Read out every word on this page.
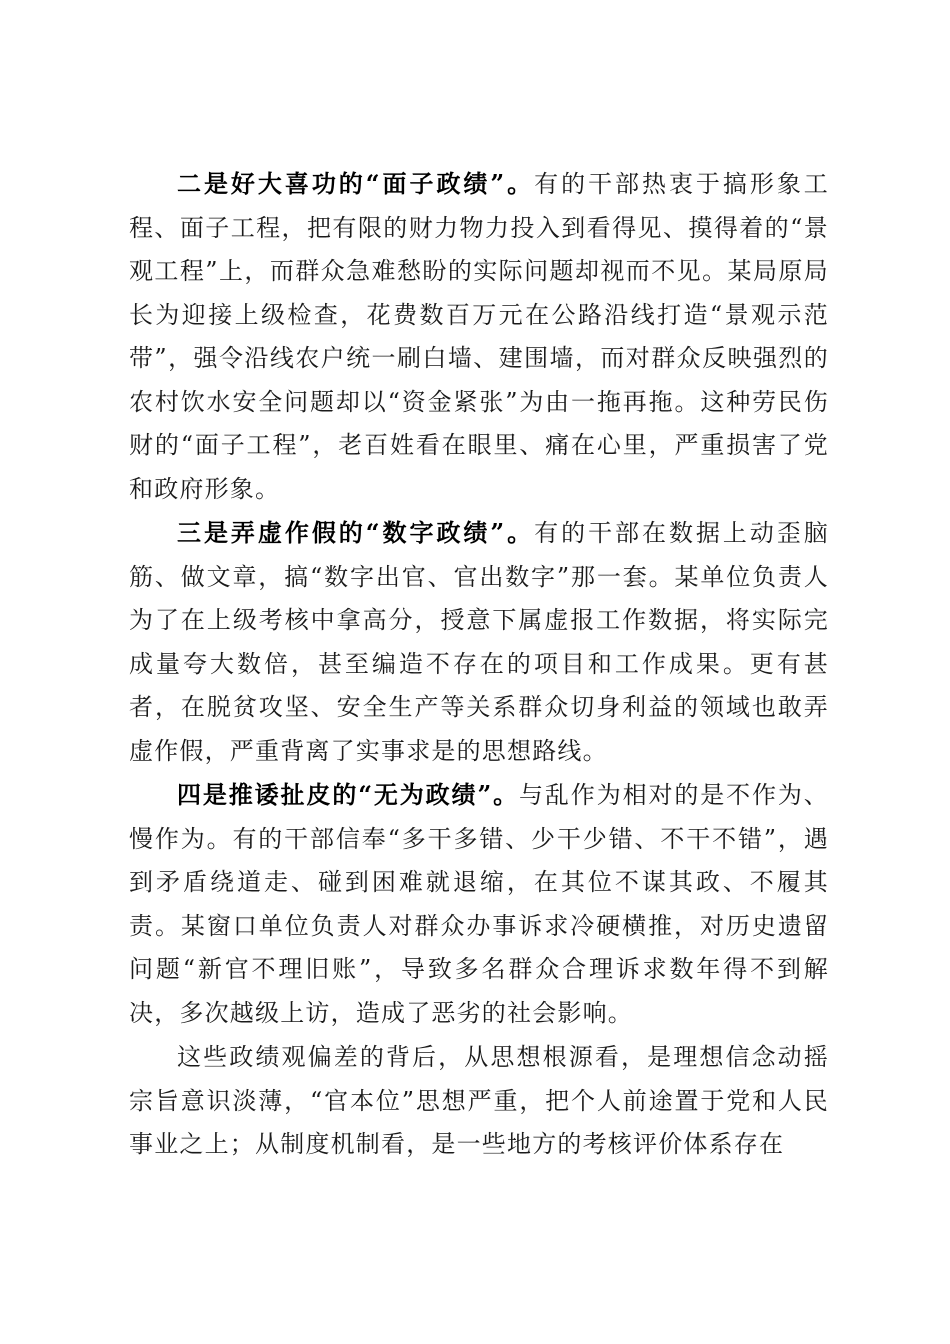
二是好大喜功的“面子政绩”。有的干部热衷于搞形象工程、面子工程，把有限的财力物力投入到看得见、摸得着的“景观工程”上，而群众急难愁盼的实际问题却视而不见。某局原局长为迎接上级检查，花费数百万元在公路沿线打造“景观示范带”，强令沿线农户统一刷白墙、建围墙，而对群众反映强烈的农村饮水安全问题却以“资金紧张”为由一拖再拖。这种劳民伤财的“面子工程”，老百姓看在眼里、痛在心里，严重损害了党和政府形象。

三是弄虚作假的“数字政绩”。有的干部在数据上动歪脑筋、做文章，搞“数字出官、官出数字”那一套。某单位负责人为了在上级考核中拿高分，授意下属虚报工作数据，将实际完成量夸大数倍，甚至编造不存在的项目和工作成果。更有甚者，在脱贫攻坚、安全生产等关系群众切身利益的领域也敢弄虚作假，严重背离了实事求是的思想路线。

四是推诿扯皮的“无为政绩”。与乱作为相对的是不作为、慢作为。有的干部信奉“多干多错、少干少错、不干不错”，遇到矛盾绕道走、碰到困难就退缩，在其位不谋其政、不履其责。某窗口单位负责人对群众办事诉求冷硬横推，对历史遗留问题“新官不理旧账”，导致多名群众合理诉求数年得不到解决，多次越级上访，造成了恶劣的社会影响。

这些政绩观偏差的背后，从思想根源看，是理想信念动摇宗旨意识淡薄，“官本位”思想严重，把个人前途置于党和人民事业之上；从制度机制看，是一些地方的考核评价体系存在
